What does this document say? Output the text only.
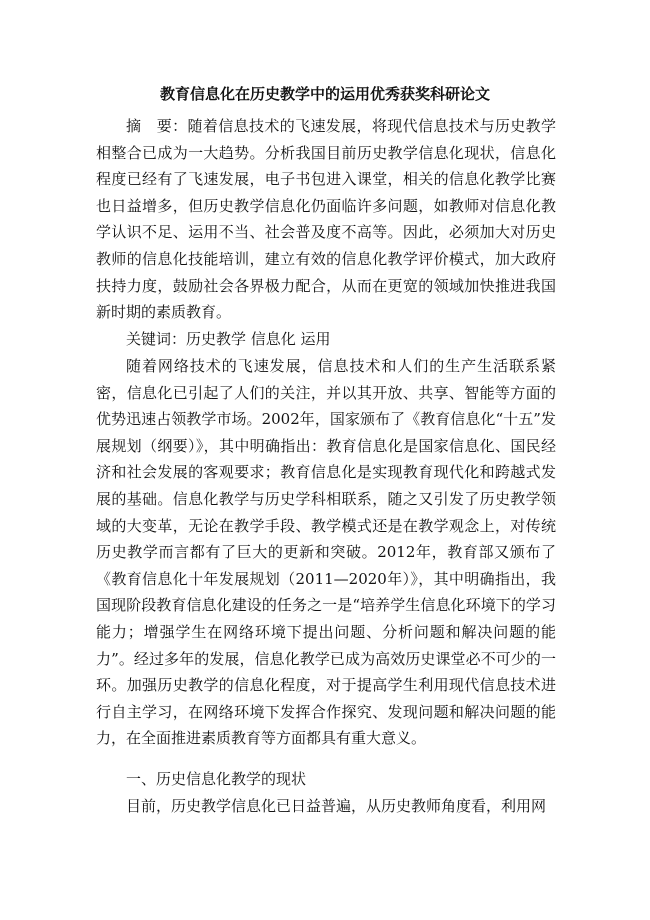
教育信息化在历史教学中的运用优秀获奖科研论文

摘　要：随着信息技术的飞速发展，将现代信息技术与历史教学相整合已成为一大趋势。分析我国目前历史教学信息化现状，信息化程度已经有了飞速发展，电子书包进入课堂，相关的信息化教学比赛也日益增多，但历史教学信息化仍面临许多问题，如教师对信息化教学认识不足、运用不当、社会普及度不高等。因此，必须加大对历史教师的信息化技能培训，建立有效的信息化教学评价模式，加大政府扶持力度，鼓励社会各界极力配合，从而在更宽的领域加快推进我国新时期的素质教育。

关键词：历史教学 信息化 运用

随着网络技术的飞速发展，信息技术和人们的生产生活联系紧密，信息化已引起了人们的关注，并以其开放、共享、智能等方面的优势迅速占领教学市场。2002年，国家颁布了《教育信息化“十五”发展规划（纲要）》，其中明确指出：教育信息化是国家信息化、国民经济和社会发展的客观要求；教育信息化是实现教育现代化和跨越式发展的基础。信息化教学与历史学科相联系，随之又引发了历史教学领域的大变革，无论在教学手段、教学模式还是在教学观念上，对传统历史教学而言都有了巨大的更新和突破。2012年，教育部又颁布了《教育信息化十年发展规划（2011—2020年）》，其中明确指出，我国现阶段教育信息化建设的任务之一是“培养学生信息化环境下的学习能力；增强学生在网络环境下提出问题、分析问题和解决问题的能力”。经过多年的发展，信息化教学已成为高效历史课堂必不可少的一环。加强历史教学的信息化程度，对于提高学生利用现代信息技术进行自主学习，在网络环境下发挥合作探究、发现问题和解决问题的能力，在全面推进素质教育等方面都具有重大意义。

一、历史信息化教学的现状

目前，历史教学信息化已日益普遍，从历史教师角度看，利用网
